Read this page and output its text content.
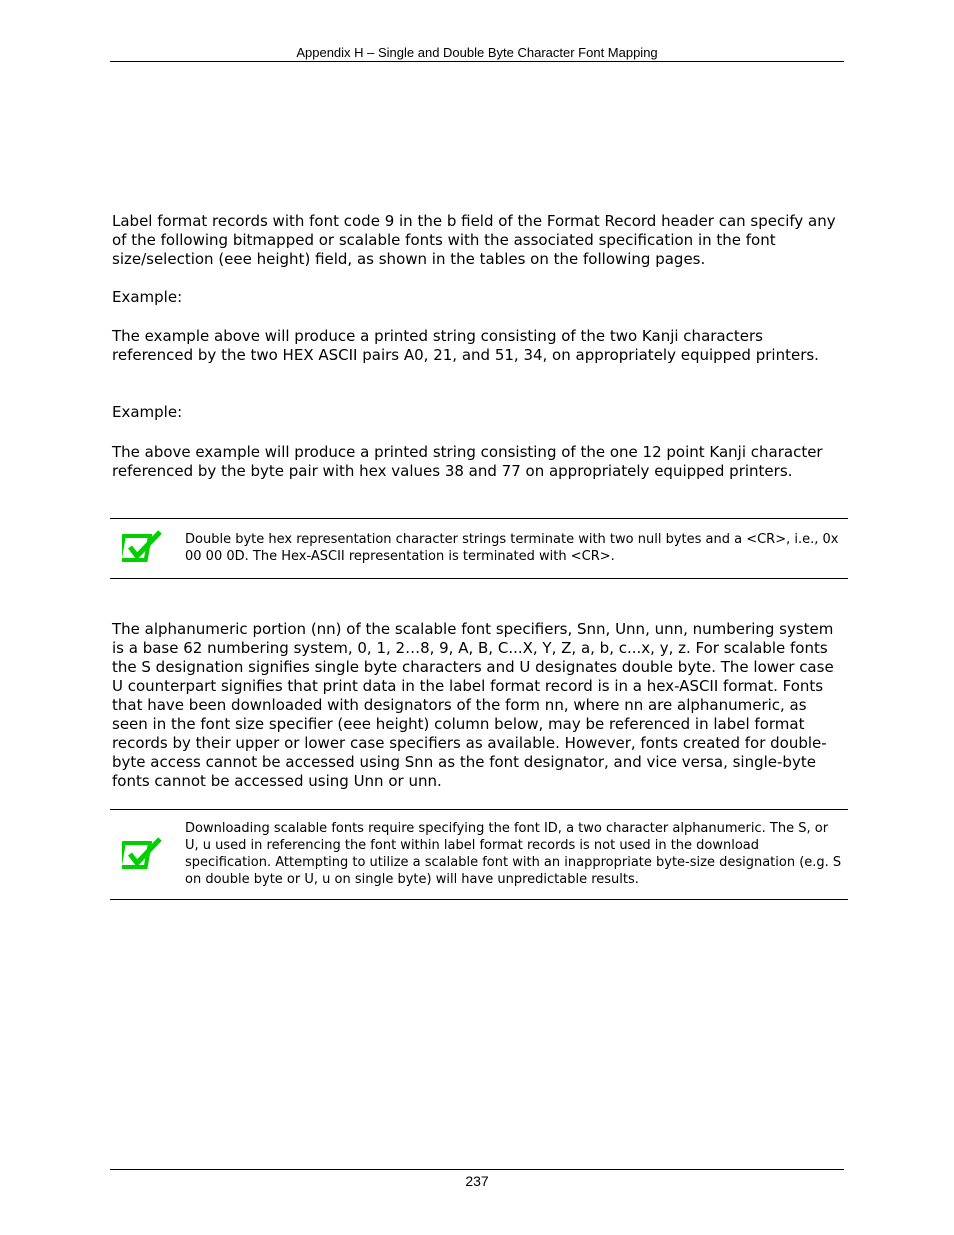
Appendix H – Single and Double Byte Character Font Mapping

Label format records with font code 9 in the b field of the Format Record header can specify any of the following bitmapped or scalable fonts with the associated specification in the font size/selection (eee height) field, as shown in the tables on the following pages.

Example:

The example above will produce a printed string consisting of the two Kanji characters referenced by the two HEX ASCII pairs A0, 21, and 51, 34, on appropriately equipped printers.

Example:

The above example will produce a printed string consisting of the one 12 point Kanji character referenced by the byte pair with hex values 38 and 77 on appropriately equipped printers.

Double byte hex representation character strings terminate with two null bytes and a <CR>, i.e., 0x 00 00 0D. The Hex-ASCII representation is terminated with <CR>.

The alphanumeric portion (nn) of the scalable font specifiers, Snn, Unn, unn, numbering system is a base 62 numbering system, 0, 1, 2…8, 9, A, B, C...X, Y, Z, a, b, c...x, y, z. For scalable fonts the S designation signifies single byte characters and U designates double byte. The lower case U counterpart signifies that print data in the label format record is in a hex-ASCII format. Fonts that have been downloaded with designators of the form nn, where nn are alphanumeric, as seen in the font size specifier (eee height) column below, may be referenced in label format records by their upper or lower case specifiers as available. However, fonts created for double-byte access cannot be accessed using Snn as the font designator, and vice versa, single-byte fonts cannot be accessed using Unn or unn.

Downloading scalable fonts require specifying the font ID, a two character alphanumeric. The S, or U, u used in referencing the font within label format records is not used in the download specification. Attempting to utilize a scalable font with an inappropriate byte-size designation (e.g. S on double byte or U, u on single byte) will have unpredictable results.

237
